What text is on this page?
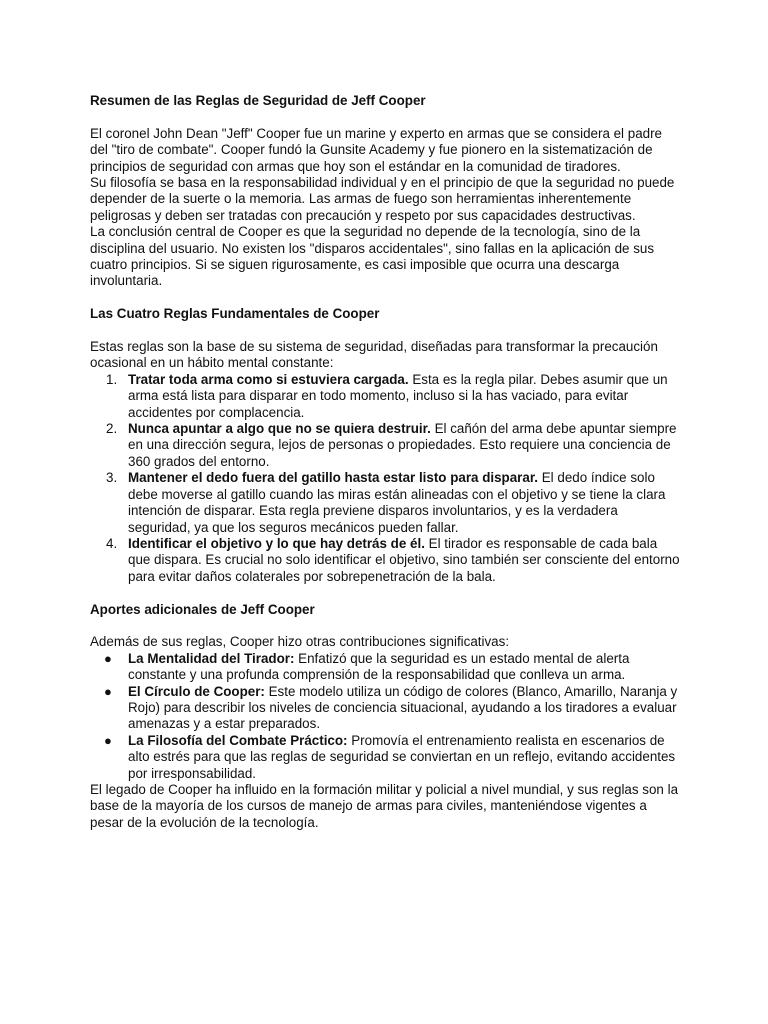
Resumen de las Reglas de Seguridad de Jeff Cooper

El coronel John Dean "Jeff" Cooper fue un marine y experto en armas que se considera el padre del "tiro de combate". Cooper fundó la Gunsite Academy y fue pionero en la sistematización de principios de seguridad con armas que hoy son el estándar en la comunidad de tiradores.

Su filosofía se basa en la responsabilidad individual y en el principio de que la seguridad no puede depender de la suerte o la memoria. Las armas de fuego son herramientas inherentemente peligrosas y deben ser tratadas con precaución y respeto por sus capacidades destructivas.

La conclusión central de Cooper es que la seguridad no depende de la tecnología, sino de la disciplina del usuario. No existen los "disparos accidentales", sino fallas en la aplicación de sus cuatro principios. Si se siguen rigurosamente, es casi imposible que ocurra una descarga involuntaria.

Las Cuatro Reglas Fundamentales de Cooper

Estas reglas son la base de su sistema de seguridad, diseñadas para transformar la precaución ocasional en un hábito mental constante:

1. Tratar toda arma como si estuviera cargada. Esta es la regla pilar. Debes asumir que un arma está lista para disparar en todo momento, incluso si la has vaciado, para evitar accidentes por complacencia.
2. Nunca apuntar a algo que no se quiera destruir. El cañón del arma debe apuntar siempre en una dirección segura, lejos de personas o propiedades. Esto requiere una conciencia de 360 grados del entorno.
3. Mantener el dedo fuera del gatillo hasta estar listo para disparar. El dedo índice solo debe moverse al gatillo cuando las miras están alineadas con el objetivo y se tiene la clara intención de disparar. Esta regla previene disparos involuntarios, y es la verdadera seguridad, ya que los seguros mecánicos pueden fallar.
4. Identificar el objetivo y lo que hay detrás de él. El tirador es responsable de cada bala que dispara. Es crucial no solo identificar el objetivo, sino también ser consciente del entorno para evitar daños colaterales por sobrepenetración de la bala.
Aportes adicionales de Jeff Cooper

Además de sus reglas, Cooper hizo otras contribuciones significativas:

●	La Mentalidad del Tirador: Enfatizó que la seguridad es un estado mental de alerta constante y una profunda comprensión de la responsabilidad que conlleva un arma.
●	El Círculo de Cooper: Este modelo utiliza un código de colores (Blanco, Amarillo, Naranja y Rojo) para describir los niveles de conciencia situacional, ayudando a los tiradores a evaluar amenazas y a estar preparados.
●	La Filosofía del Combate Práctico: Promovía el entrenamiento realista en escenarios de alto estrés para que las reglas de seguridad se conviertan en un reflejo, evitando accidentes por irresponsabilidad.

El legado de Cooper ha influido en la formación militar y policial a nivel mundial, y sus reglas son la base de la mayoría de los cursos de manejo de armas para civiles, manteniéndose vigentes a pesar de la evolución de la tecnología.
